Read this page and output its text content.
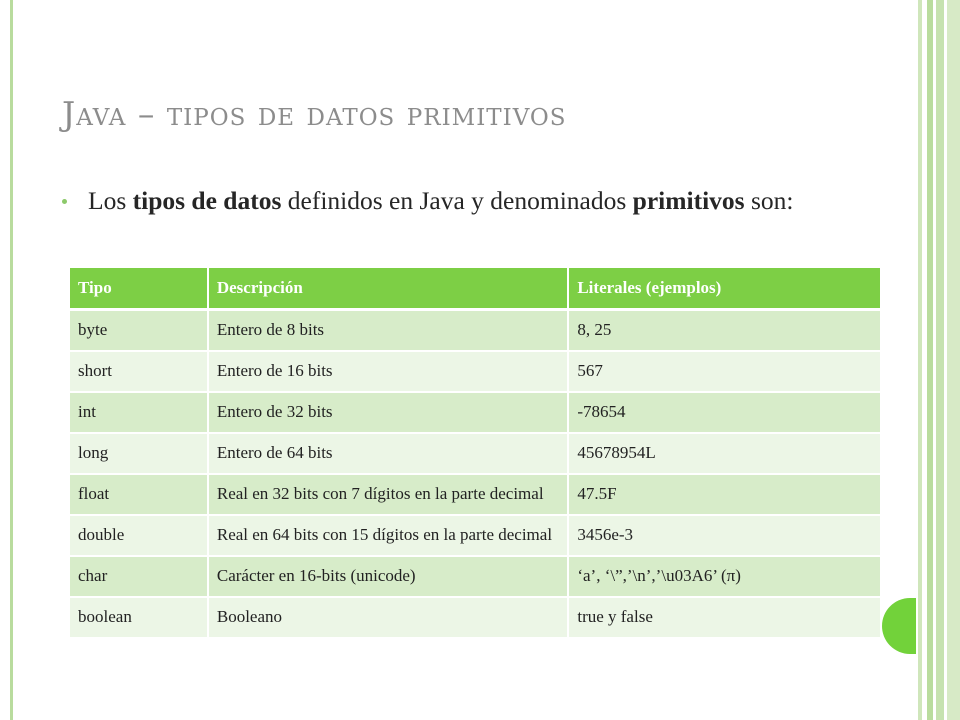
Java – tipos de datos primitivos
Los tipos de datos definidos en Java y denominados primitivos son:
Tipo	Descripción	Literales (ejemplos)
byte	Entero de 8 bits	8, 25
short	Entero de 16 bits	567
int	Entero de 32 bits	-78654
long	Entero de 64 bits	45678954L
float	Real en 32 bits con 7 dígitos en la parte decimal	47.5F
double	Real en 64 bits con 15 dígitos en la parte decimal	3456e-3
char	Carácter en 16-bits (unicode)	‘a’, ‘\”,’\n’,’\u03A6’ (π)
boolean	Booleano	true y false
